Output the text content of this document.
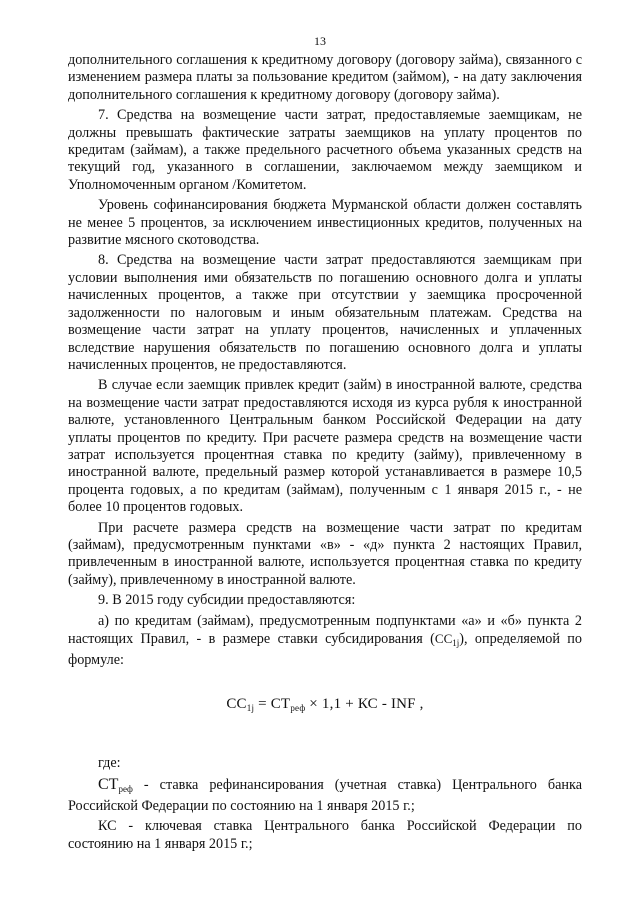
13

дополнительного соглашения к кредитному договору (договору займа), связанного с изменением размера платы за пользование кредитом (займом), - на дату заключения дополнительного соглашения к кредитному договору (договору займа).

7. Средства на возмещение части затрат, предоставляемые заемщикам, не должны превышать фактические затраты заемщиков на уплату процентов по кредитам (займам), а также предельного расчетного объема указанных средств на текущий год, указанного в соглашении, заключаемом между заемщиком и Уполномоченным органом /Комитетом.

Уровень софинансирования бюджета Мурманской области должен составлять не менее 5 процентов, за исключением инвестиционных кредитов, полученных на развитие мясного скотоводства.

8. Средства на возмещение части затрат предоставляются заемщикам при условии выполнения ими обязательств по погашению основного долга и уплаты начисленных процентов, а также при отсутствии у заемщика просроченной задолженности по налоговым и иным обязательным платежам. Средства на возмещение части затрат на уплату процентов, начисленных и уплаченных вследствие нарушения обязательств по погашению основного долга и уплаты начисленных процентов, не предоставляются.

В случае если заемщик привлек кредит (займ) в иностранной валюте, средства на возмещение части затрат предоставляются исходя из курса рубля к иностранной валюте, установленного Центральным банком Российской Федерации на дату уплаты процентов по кредиту. При расчете размера средств на возмещение части затрат используется процентная ставка по кредиту (займу), привлеченному в иностранной валюте, предельный размер которой устанавливается в размере 10,5 процента годовых, а по кредитам (займам), полученным с 1 января 2015 г., - не более 10 процентов годовых.

При расчете размера средств на возмещение части затрат по кредитам (займам), предусмотренным пунктами «в» - «д» пункта 2 настоящих Правил, привлеченным в иностранной валюте, используется процентная ставка по кредиту (займу), привлеченному в иностранной валюте.

9. В 2015 году субсидии предоставляются:

а) по кредитам (займам), предусмотренным подпунктами «а» и «б» пункта 2 настоящих Правил, - в размере ставки субсидирования $(СС_{1j})$, определяемой по формуле:

$СС_{1j} = СТ_{реф} \times 1,1$ + КС - INF ,

где:

$СТ_{реф}$ - ставка рефинансирования (учетная ставка) Центрального банка Российской Федерации по состоянию на 1 января 2015 г.;

КС - ключевая ставка Центрального банка Российской Федерации по состоянию на 1 января 2015 г.;
